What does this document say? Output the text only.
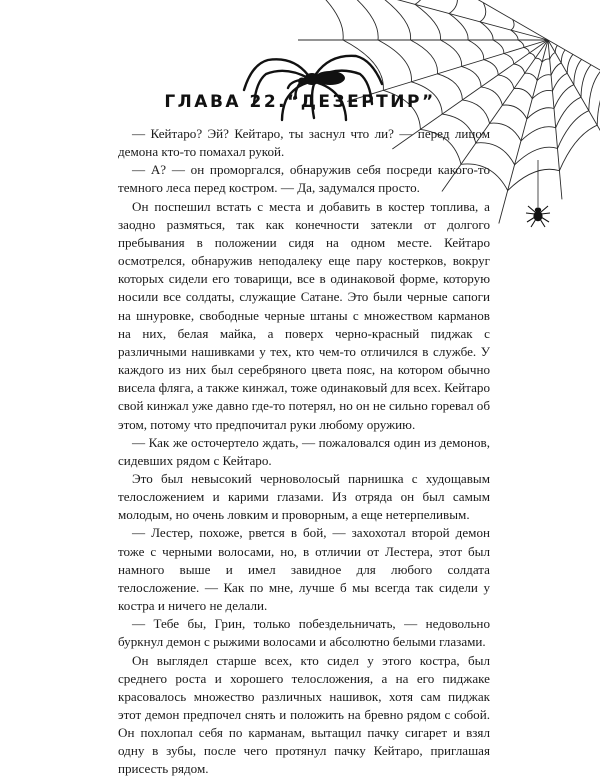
ГЛАВА 22.“ДЕЗЕРТИР”

— Кейтаро? Эй? Кейтаро, ты заснул что ли? — перед лицом демона кто-то помахал рукой.

— А? — он проморгался, обнаружив себя посреди какого-то темного леса перед костром. — Да, задумался просто.

Он поспешил встать с места и добавить в костер топлива, а заодно размяться, так как конечности затекли от долгого пребывания в положении сидя на одном месте. Кейтаро осмотрелся, обнаружив неподалеку еще пару костерков, вокруг которых сидели его товарищи, все в одинаковой форме, которую носили все солдаты, служащие Сатане. Это были черные сапоги на шнуровке, свободные черные штаны с множеством карманов на них, белая майка, а поверх черно-красный пиджак с различными нашивками у тех, кто чем-то отличился в службе. У каждого из них был серебряного цвета пояс, на котором обычно висела фляга, а также кинжал, тоже одинаковый для всех. Кейтаро свой кинжал уже давно где-то потерял, но он не сильно горевал об этом, потому что предпочитал руки любому оружию.

— Как же осточертело ждать, — пожаловался один из демонов, сидевших рядом с Кейтаро.

Это был невысокий черноволосый парнишка с худощавым телосложением и карими глазами. Из отряда он был самым молодым, но очень ловким и проворным, а еще нетерпеливым.

— Лестер, похоже, рвется в бой, — захохотал второй демон тоже с черными волосами, но, в отличии от Лестера, этот был намного выше и имел завидное для любого солдата телосложение. — Как по мне, лучше б мы всегда так сидели у костра и ничего не делали.

— Тебе бы, Грин, только побездельничать, — недовольно буркнул демон с рыжими волосами и абсолютно белыми глазами.

Он выглядел старше всех, кто сидел у этого костра, был среднего роста и хорошего телосложения, а на его пиджаке красовалось множество различных нашивок, хотя сам пиджак этот демон предпочел снять и положить на бревно рядом с собой. Он похлопал себя по карманам, вытащил пачку сигарет и взял одну в зубы, после чего протянул пачку Кейтаро, приглашая присесть рядом.
